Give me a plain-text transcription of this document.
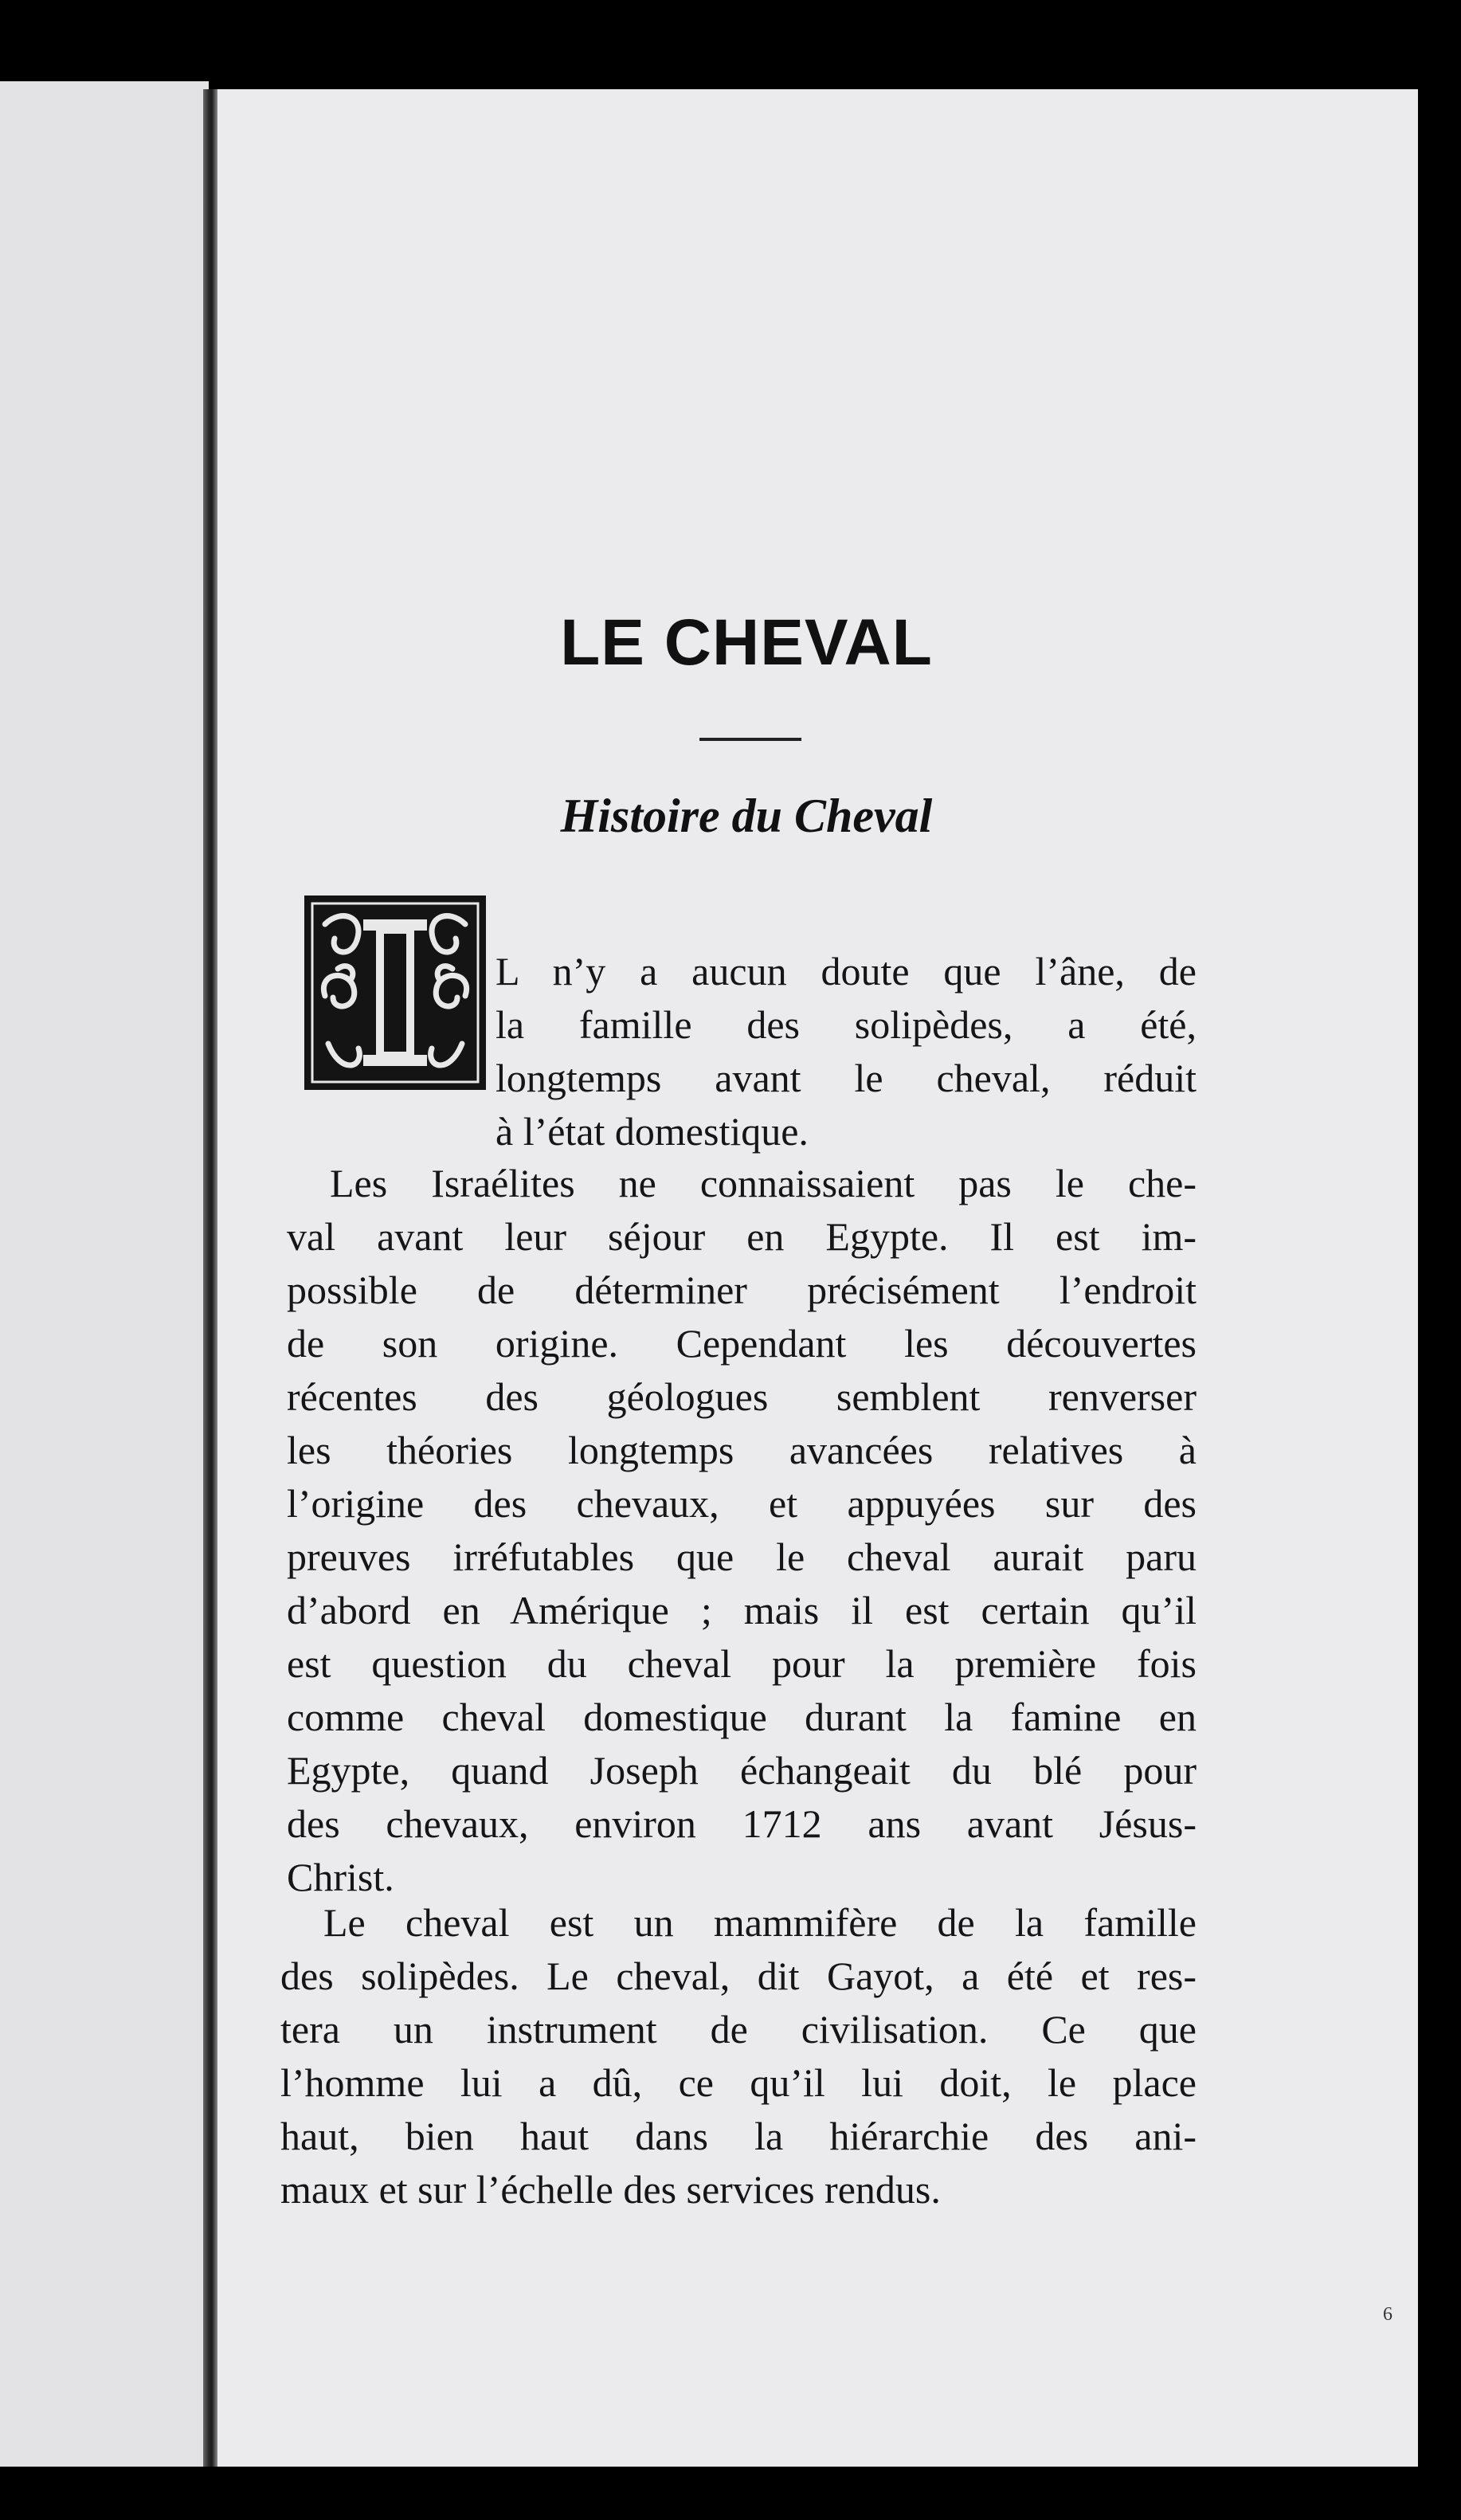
LE CHEVAL
Histoire du Cheval
L n’y a aucun doute que l’âne, de
la famille des solipèdes, a été,
longtemps avant le cheval, réduit
à l’état domestique.
Les Israélites ne connaissaient pas le che-
val avant leur séjour en Egypte. Il est im-
possible de déterminer précisément l’endroit
de son origine. Cependant les découvertes
récentes des géologues semblent renverser
les théories longtemps avancées relatives à
l’origine des chevaux, et appuyées sur des
preuves irréfutables que le cheval aurait paru
d’abord en Amérique ; mais il est certain qu’il
est question du cheval pour la première fois
comme cheval domestique durant la famine en
Egypte, quand Joseph échangeait du blé pour
des chevaux, environ 1712 ans avant Jésus-
Christ.
Le cheval est un mammifère de la famille
des solipèdes. Le cheval, dit Gayot, a été et res-
tera un instrument de civilisation. Ce que
l’homme lui a dû, ce qu’il lui doit, le place
haut, bien haut dans la hiérarchie des ani-
maux et sur l’échelle des services rendus.
6
